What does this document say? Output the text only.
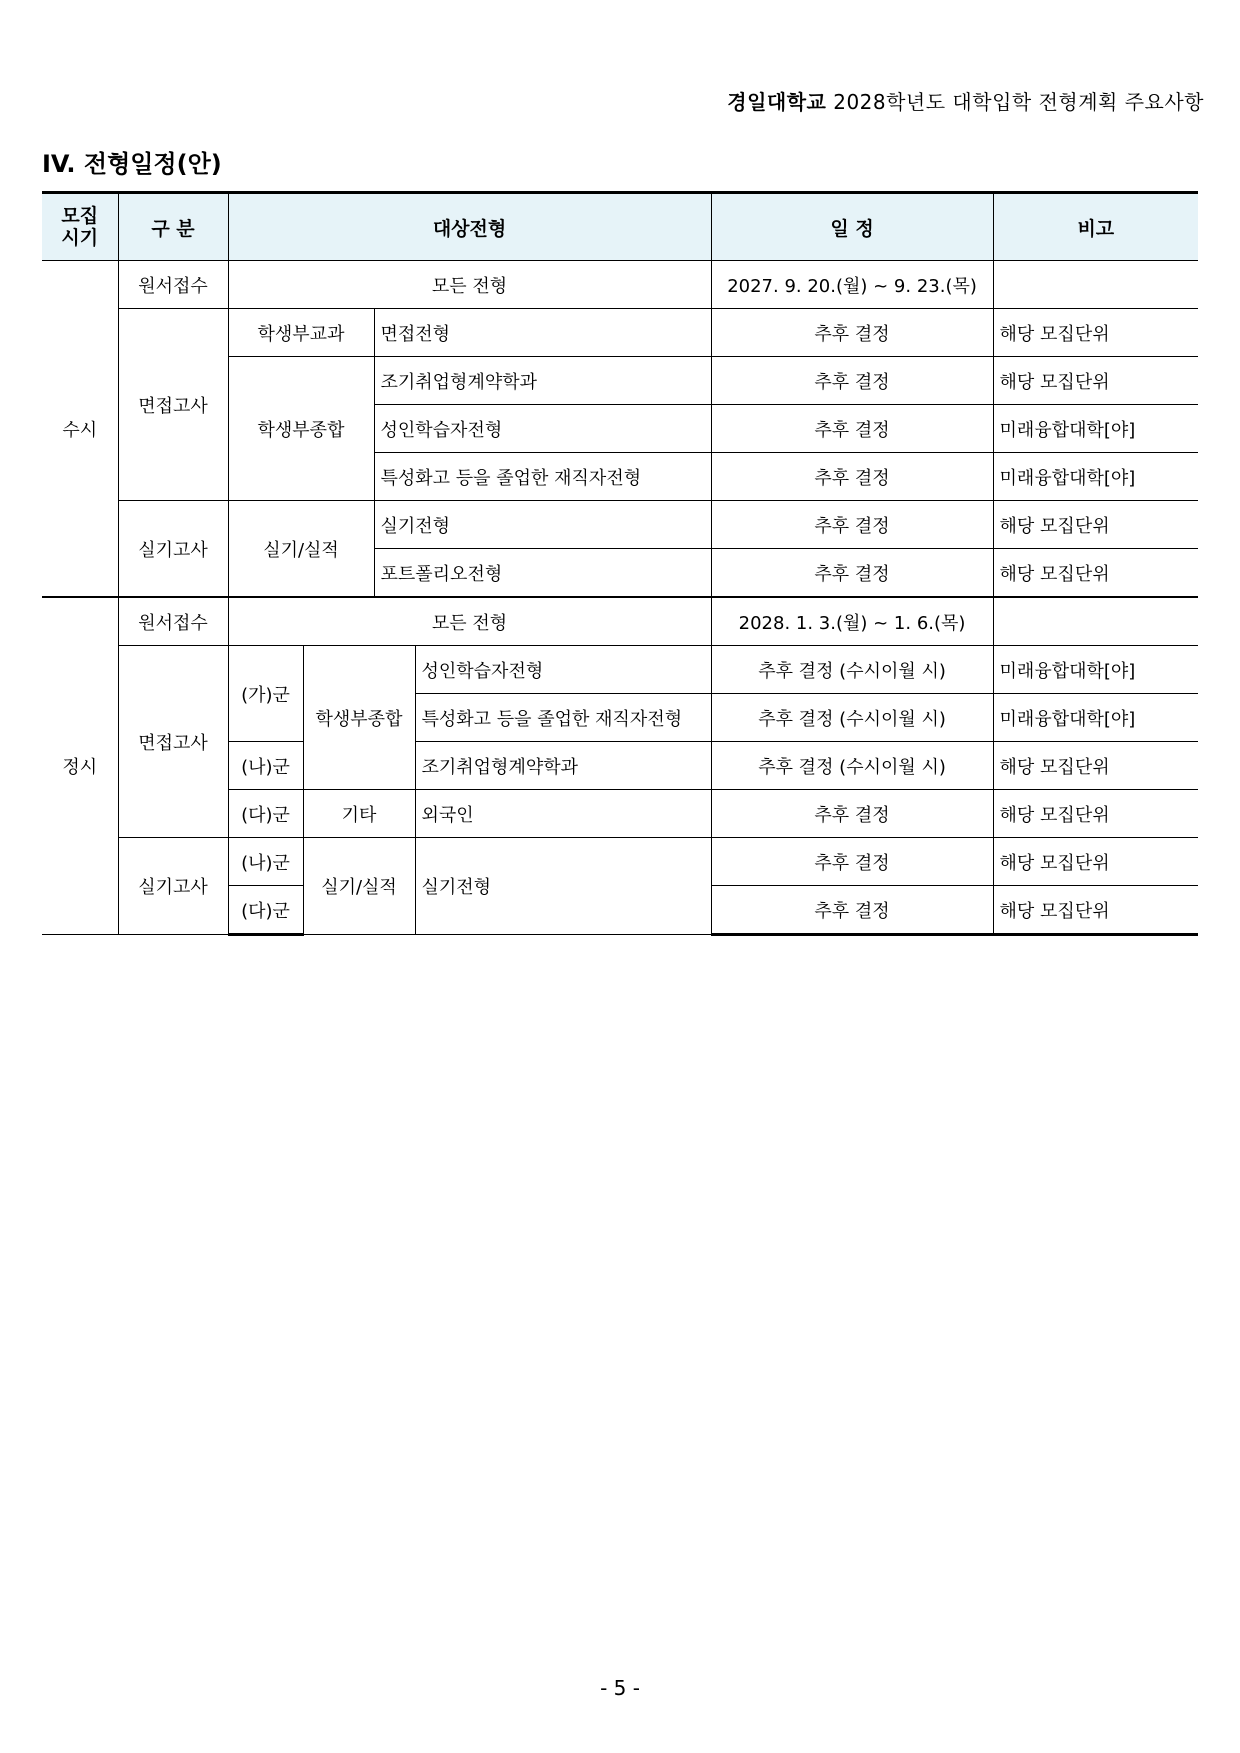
경일대학교 2028학년도 대학입학 전형계획 주요사항
IV. 전형일정(안)
모집
시기	구 분	대상전형				일 정	비고
수시	원서접수	모든 전형				2027. 9. 20.(월) ~ 9. 23.(목)	
	면접고사	학생부교과		면접전형		추후 결정	해당 모집단위
		학생부종합		조기취업형계약학과		추후 결정	해당 모집단위
				성인학습자전형		추후 결정	미래융합대학[야]
				특성화고 등을 졸업한 재직자전형		추후 결정	미래융합대학[야]
	실기고사	실기/실적		실기전형		추후 결정	해당 모집단위
				포트폴리오전형		추후 결정	해당 모집단위
정시	원서접수	모든 전형				2028. 1. 3.(월) ~ 1. 6.(목)	
	면접고사	(가)군	학생부종합		성인학습자전형	추후 결정 (수시이월 시)	미래융합대학[야]
					특성화고 등을 졸업한 재직자전형	추후 결정 (수시이월 시)	미래융합대학[야]
		(나)군			조기취업형계약학과	추후 결정 (수시이월 시)	해당 모집단위
		(다)군	기타		외국인	추후 결정	해당 모집단위
	실기고사	(나)군	실기/실적		실기전형	추후 결정	해당 모집단위
		(다)군				추후 결정	해당 모집단위
- 5 -
